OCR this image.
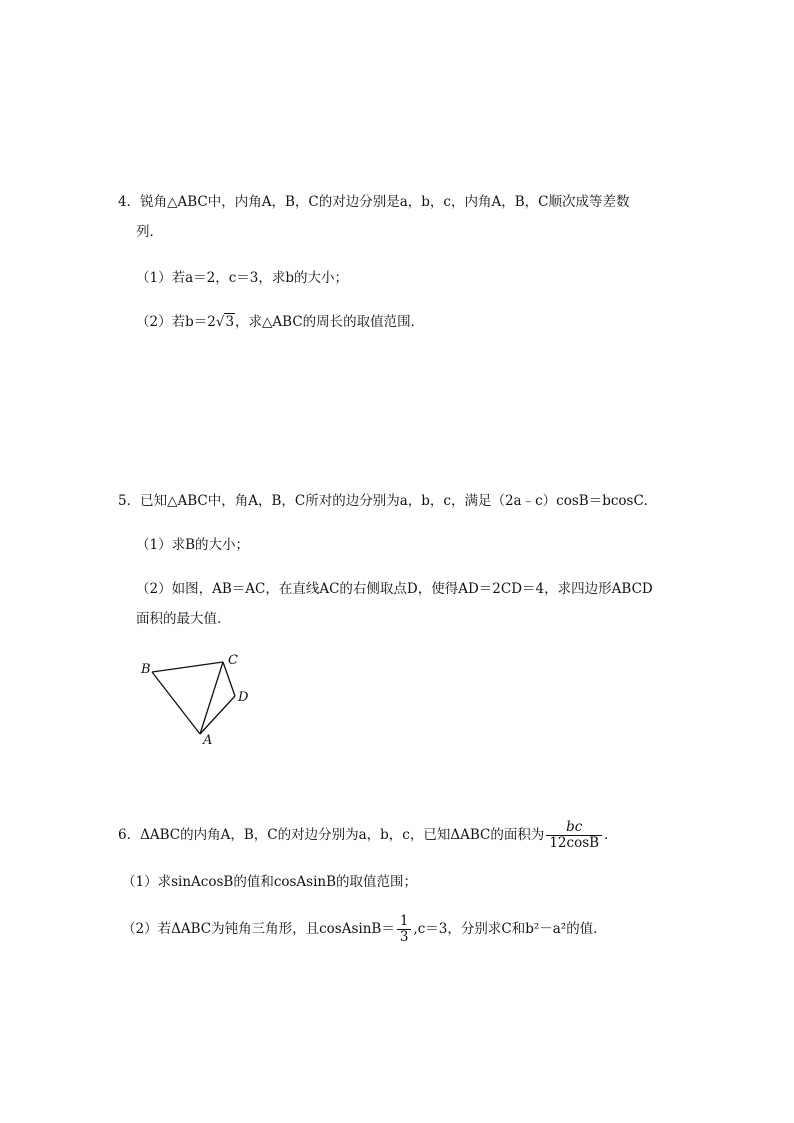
4．锐角△ABC中，内角A，B，C的对边分别是a，b，c，内角A，B，C顺次成等差数
列．
（1）若a＝2，c＝3，求b的大小；
（2）若b＝2√3，求△ABC的周长的取值范围．
5．已知△ABC中，角A，B，C所对的边分别为a，b，c，满足（2a﹣c）cosB＝bcosC．
（1）求B的大小；
（2）如图，AB＝AC，在直线AC的右侧取点D，使得AD＝2CD＝4，求四边形ABCD
面积的最大值．
B
C
D
A
6．ΔABC的内角A，B，C的对边分别为a，b，c，已知ΔABC的面积为 $\frac{bc}{12\cos B}$ ．
（1）求sinAcosB的值和cosAsinB的取值范围；
（2）若ΔABC为钝角三角形，且cosAsinB＝ $\frac{1}{3} ,c=3$，分别求C和b²－a²的值．
